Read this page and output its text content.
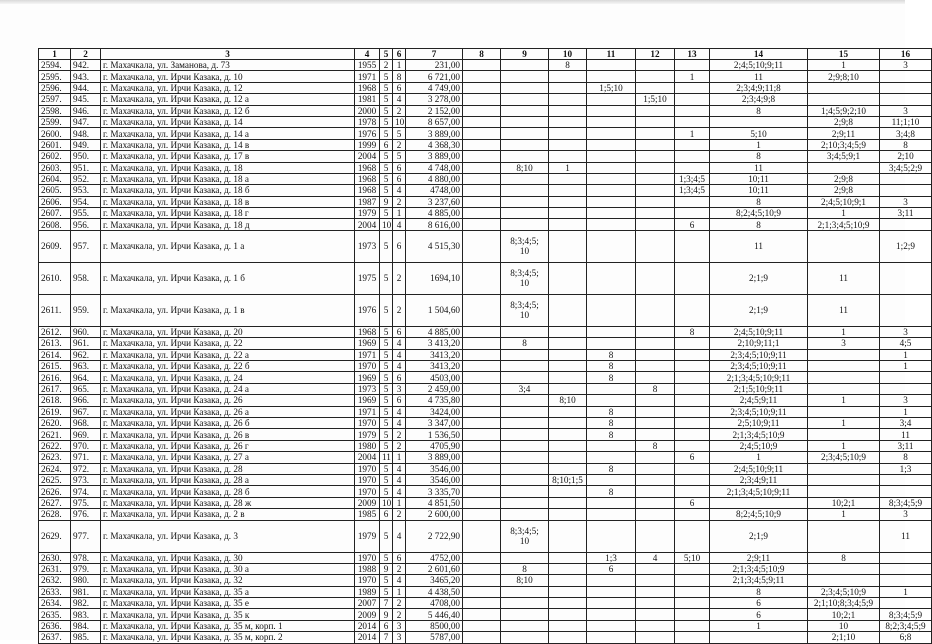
1	2	3	4	5	6	7	8	9	10	11	12	13	14	15	16
2594.	942.	г. Махачкала, ул. Заманова, д. 73	1955	2	1	231,00			8				2;4;5;10;9;11	1	3
2595.	943.	г. Махачкала, ул. Ирчи Казака, д. 10	1971	5	8	6 721,00						1	11	2;9;8;10	
2596.	944.	г. Махачкала, ул. Ирчи Казака, д. 12	1968	5	6	4 749,00				1;5;10			2;3;4;9;11;8		
2597.	945.	г. Махачкала, ул. Ирчи Казака, д. 12 а	1981	5	4	3 278,00					1;5;10		2;3;4;9;8		
2598.	946.	г. Махачкала, ул. Ирчи Казака, д. 12 б	2000	5	2	2 152,00							8	1;4;5;9;2;10	3
2599.	947.	г. Махачкала, ул. Ирчи Казака, д. 14	1978	5	10	8 657,00								2;9;8	11;1;10
2600.	948.	г. Махачкала, ул. Ирчи Казака, д. 14 а	1976	5	5	3 889,00						1	5;10	2;9;11	3;4;8
2601.	949.	г. Махачкала, ул. Ирчи Казака, д. 14 в	1999	6	2	4 368,30							1	2;10;3;4;5;9	8
2602.	950.	г. Махачкала, ул. Ирчи Казака, д. 17 в	2004	5	5	3 889,00							8	3;4;5;9;1	2;10
2603.	951.	г. Махачкала, ул. Ирчи Казака, д. 18	1968	5	6	4 748,00		8;10	1				11		3;4;5;2;9
2604.	952.	г. Махачкала, ул. Ирчи Казака, д. 18 а	1968	5	6	4 880,00						1;3;4;5	10;11	2;9;8	
2605.	953.	г. Махачкала, ул. Ирчи Казака, д. 18 б	1968	5	4	4748,00						1;3;4;5	10;11	2;9;8	
2606.	954.	г. Махачкала, ул. Ирчи Казака, д. 18 в	1987	9	2	3 237,60							8	2;4;5;10;9;1	3
2607.	955.	г. Махачкала, ул. Ирчи Казака, д. 18 г	1979	5	1	4 885,00							8;2;4;5;10;9	1	3;11
2608.	956.	г. Махачкала, ул. Ирчи Казака, д. 18 д	2004	10	4	8 616,00						6	8	2;1;3;4;5;10;9	
2609.	957.	г. Махачкала, ул. Ирчи Казака, д. 1 а	1973	5	6	4 515,30		8;3;4;5;
10					11		1;2;9
2610.	958.	г. Махачкала, ул. Ирчи Казака, д. 1 б	1975	5	2	1694,10		8;3;4;5;
10					2;1;9	11	
2611.	959.	г. Махачкала, ул. Ирчи Казака, д. 1 в	1976	5	2	1 504,60		8;3;4;5;
10					2;1;9	11	
2612.	960.	г. Махачкала, ул. Ирчи Казака, д. 20	1968	5	6	4 885,00						8	2;4;5;10;9;11	1	3
2613.	961.	г. Махачкала, ул. Ирчи Казака, д. 22	1969	5	4	3 413,20		8					2;10;9;11;1	3	4;5
2614.	962.	г. Махачкала, ул. Ирчи Казака, д. 22 а	1971	5	4	3413,20				8			2;3;4;5;10;9;11		1
2615.	963.	г. Махачкала, ул. Ирчи Казака, д. 22 б	1970	5	4	3413,20				8			2;3;4;5;10;9;11		1
2616.	964.	г. Махачкала, ул. Ирчи Казака, д. 24	1969	5	6	4503,00				8			2;1;3;4;5;10;9;11		
2617.	965.	г. Махачкала, ул. Ирчи Казака, д. 24 а	1973	5	3	2 459,00		3;4			8		2;1;5;10;9;11		
2618.	966.	г. Махачкала, ул. Ирчи Казака, д. 26	1969	5	6	4 735,80			8;10				2;4;5;9;11	1	3
2619.	967.	г. Махачкала, ул. Ирчи Казака, д. 26 а	1971	5	4	3424,00				8			2;3;4;5;10;9;11		1
2620.	968.	г. Махачкала, ул. Ирчи Казака, д. 26 б	1970	5	4	3 347,00				8			2;5;10;9;11	1	3;4
2621.	969.	г. Махачкала, ул. Ирчи Казака, д. 26 в	1979	5	2	1 536,50				8			2;1;3;4;5;10;9		11
2622.	970.	г. Махачкала, ул. Ирчи Казака, д. 26 г	1980	5	2	4705,90					8		2;4;5;10;9	1	3;11
2623.	971.	г. Махачкала, ул. Ирчи Казака, д. 27 а	2004	11	1	3 889,00						6	1	2;3;4;5;10;9	8
2624.	972.	г. Махачкала, ул. Ирчи Казака, д. 28	1970	5	4	3546,00				8			2;4;5;10;9;11		1;3
2625.	973.	г. Махачкала, ул. Ирчи Казака, д. 28 а	1970	5	4	3546,00			8;10;1;5				2;3;4;9;11		
2626.	974.	г. Махачкала, ул. Ирчи Казака, д. 28 б	1970	5	4	3 335,70				8			2;1;3;4;5;10;9;11		
2627.	975.	г. Махачкала, ул. Ирчи Казака, д. 28 ж	2009	10	1	4 851,50						6		10;2;1	8;3;4;5;9
2628.	976.	г. Махачкала, ул. Ирчи Казака, д. 2 в	1985	6	2	2 600,00							8;2;4;5;10;9	1	3
2629.	977.	г. Махачкала, ул. Ирчи Казака, д. 3	1979	5	4	2 722,90		8;3;4;5;
10					2;1;9		11
2630.	978.	г. Махачкала, ул. Ирчи Казака, д. 30	1970	5	6	4752,00				1;3	4	5;10	2;9;11	8	
2631.	979.	г. Махачкала, ул. Ирчи Казака, д. 30 а	1988	9	2	2 601,60		8		6			2;1;3;4;5;10;9		
2632.	980.	г. Махачкала, ул. Ирчи Казака, д. 32	1970	5	4	3465,20		8;10					2;1;3;4;5;9;11		
2633.	981.	г. Махачкала, ул. Ирчи Казака, д. 35 а	1989	5	1	4 438,50							8	2;3;4;5;10;9	1
2634.	982.	г. Махачкала, ул. Ирчи Казака, д. 35 е	2007	7	2	4708,00							6	2;1;10;8;3;4;5;9	
2635.	983.	г. Махачкала, ул. Ирчи Казака, д. 35 к	2009	9	2	5 446,40							6	10;2;1	8;3;4;5;9
2636.	984.	г. Махачкала, ул. Ирчи Казака, д. 35 м, корп. 1	2014	6	3	8500,00							1	10	8;2;3;4;5;9
2637.	985.	г. Махачкала, ул. Ирчи Казака, д. 35 м, корп. 2	2014	7	3	5787,00								2;1;10	6;8
